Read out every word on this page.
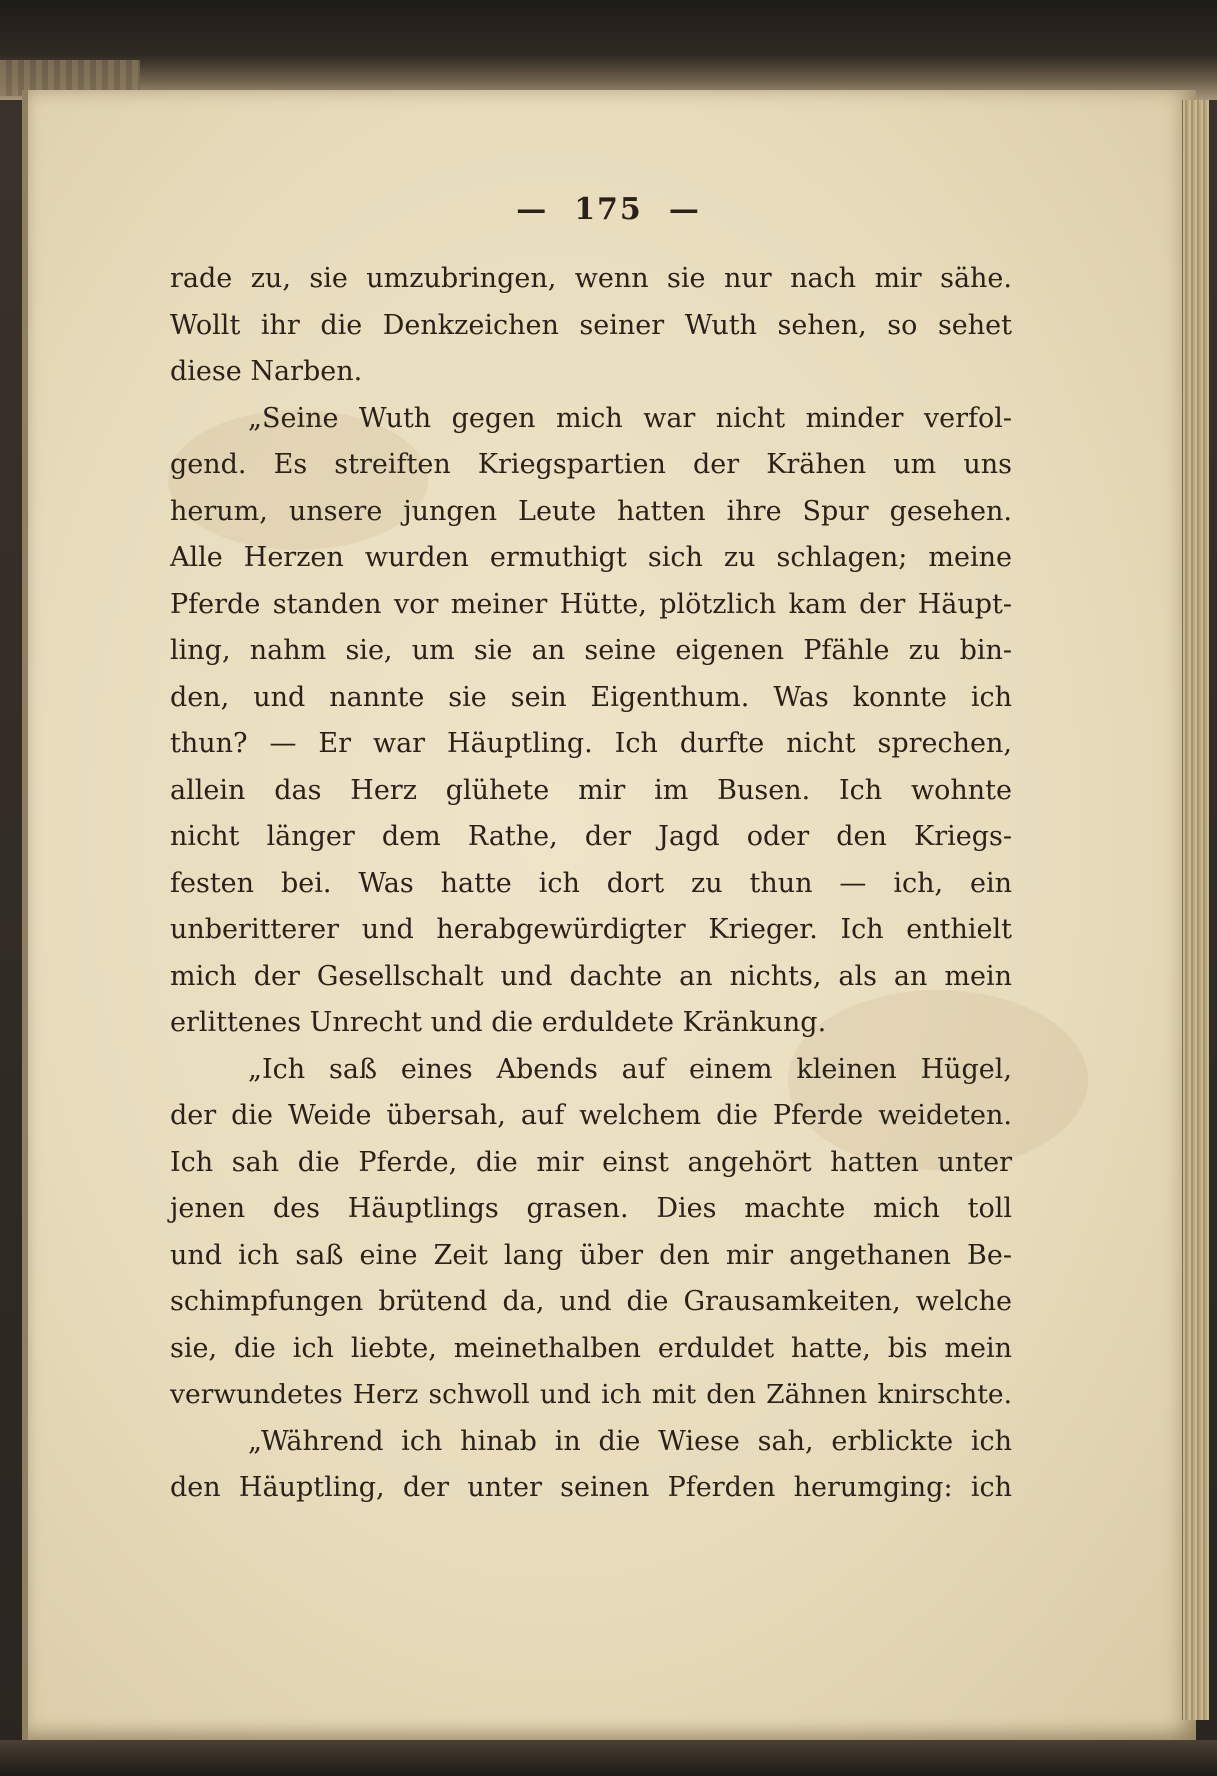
— 175 —
rade zu, sie umzubringen, wenn sie nur nach mir sähe.
Wollt ihr die Denkzeichen seiner Wuth sehen, so sehet
diese Narben.
„Seine Wuth gegen mich war nicht minder verfol-
gend. Es streiften Kriegspartien der Krähen um uns
herum, unsere jungen Leute hatten ihre Spur gesehen.
Alle Herzen wurden ermuthigt sich zu schlagen; meine
Pferde standen vor meiner Hütte, plötzlich kam der Häupt-
ling, nahm sie, um sie an seine eigenen Pfähle zu bin-
den, und nannte sie sein Eigenthum. Was konnte ich
thun? — Er war Häuptling. Ich durfte nicht sprechen,
allein das Herz glühete mir im Busen. Ich wohnte
nicht länger dem Rathe, der Jagd oder den Kriegs-
festen bei. Was hatte ich dort zu thun — ich, ein
unberitterer und herabgewürdigter Krieger. Ich enthielt
mich der Gesellschalt und dachte an nichts, als an mein
erlittenes Unrecht und die erduldete Kränkung.
„Ich saß eines Abends auf einem kleinen Hügel,
der die Weide übersah, auf welchem die Pferde weideten.
Ich sah die Pferde, die mir einst angehört hatten unter
jenen des Häuptlings grasen. Dies machte mich toll
und ich saß eine Zeit lang über den mir angethanen Be-
schimpfungen brütend da, und die Grausamkeiten, welche
sie, die ich liebte, meinethalben erduldet hatte, bis mein
verwundetes Herz schwoll und ich mit den Zähnen knirschte.
„Während ich hinab in die Wiese sah, erblickte ich
den Häuptling, der unter seinen Pferden herumging: ich
